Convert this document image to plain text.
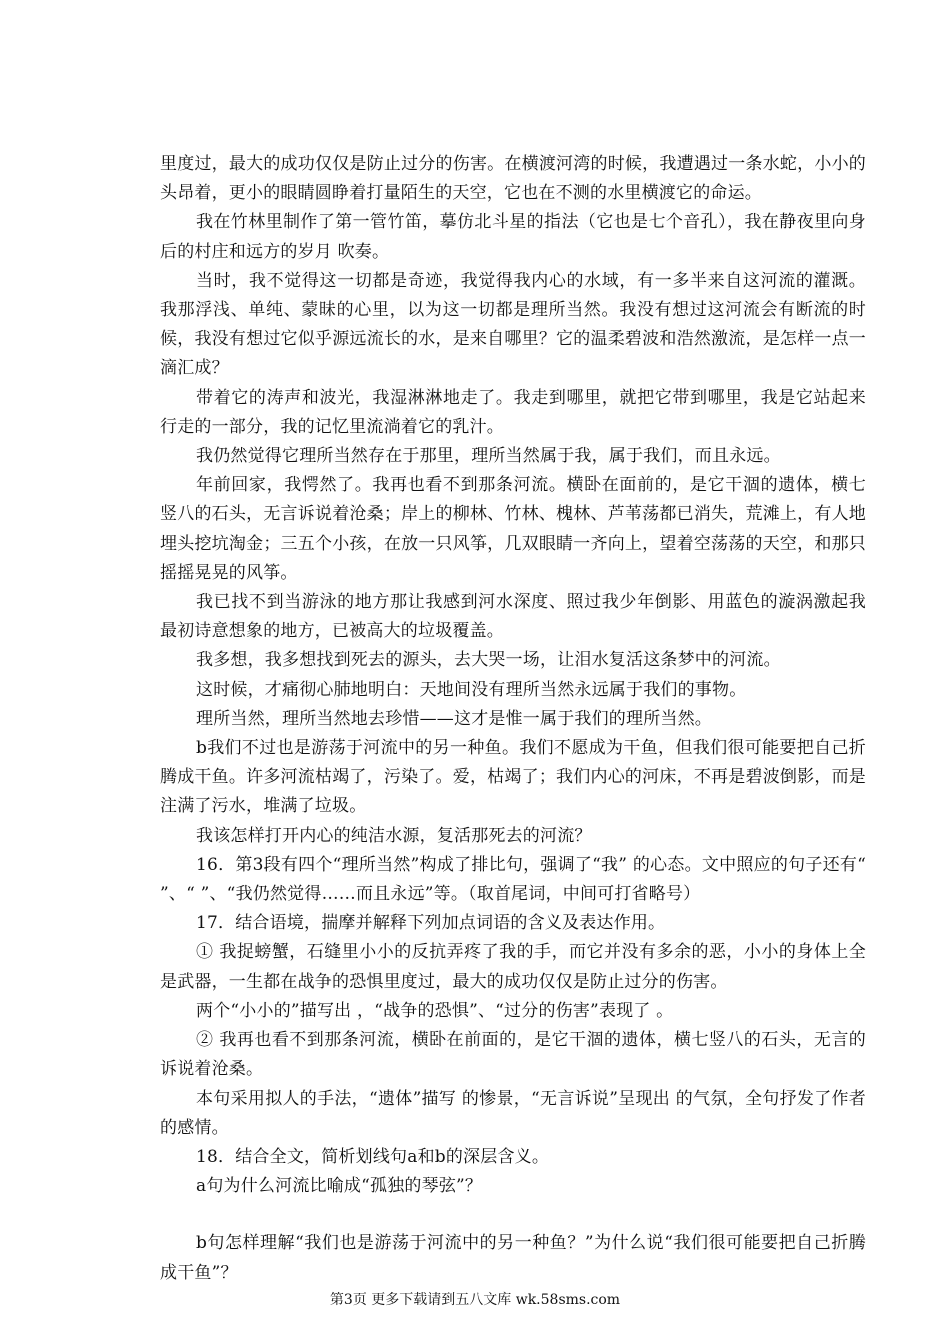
里度过，最大的成功仅仅是防止过分的伤害。在横渡河湾的时候，我遭遇过一条水蛇，小小的头昂着，更小的眼睛圆睁着打量陌生的天空，它也在不测的水里横渡它的命运。

我在竹林里制作了第一管竹笛，摹仿北斗星的指法（它也是七个音孔），我在静夜里向身后的村庄和远方的岁月 吹奏。

当时，我不觉得这一切都是奇迹，我觉得我内心的水域，有一多半来自这河流的灌溉。我那浮浅、单纯、蒙昧的心里，以为这一切都是理所当然。我没有想过这河流会有断流的时候，我没有想过它似乎源远流长的水，是来自哪里？它的温柔碧波和浩然激流，是怎样一点一滴汇成？

带着它的涛声和波光，我湿淋淋地走了。我走到哪里，就把它带到哪里，我是它站起来行走的一部分，我的记忆里流淌着它的乳汁。

我仍然觉得它理所当然存在于那里，理所当然属于我，属于我们，而且永远。

年前回家，我愕然了。我再也看不到那条河流。横卧在面前的，是它干涸的遗体，横七竖八的石头，无言诉说着沧桑；岸上的柳林、竹林、槐林、芦苇荡都已消失，荒滩上，有人地埋头挖坑淘金；三五个小孩，在放一只风筝，几双眼睛一齐向上，望着空荡荡的天空，和那只摇摇晃晃的风筝。

我已找不到当游泳的地方那让我感到河水深度、照过我少年倒影、用蓝色的漩涡激起我最初诗意想象的地方，已被高大的垃圾覆盖。

我多想，我多想找到死去的源头，去大哭一场，让泪水复活这条梦中的河流。

这时候，才痛彻心肺地明白：天地间没有理所当然永远属于我们的事物。

理所当然，理所当然地去珍惜——这才是惟一属于我们的理所当然。

b我们不过也是游荡于河流中的另一种鱼。我们不愿成为干鱼，但我们很可能要把自己折腾成干鱼。许多河流枯竭了，污染了。爱，枯竭了；我们内心的河床，不再是碧波倒影，而是注满了污水，堆满了垃圾。

我该怎样打开内心的纯洁水源，复活那死去的河流？

16．第3段有四个“理所当然”构成了排比句，强调了“我” 的心态。文中照应的句子还有“ ”、“ ”、“我仍然觉得……而且永远”等。（取首尾词，中间可打省略号）

17．结合语境，揣摩并解释下列加点词语的含义及表达作用。

① 我捉螃蟹，石缝里小小的反抗弄疼了我的手，而它并没有多余的恶，小小的身体上全是武器，一生都在战争的恐惧里度过，最大的成功仅仅是防止过分的伤害。

两个“小小的”描写出 ，“战争的恐惧”、“过分的伤害”表现了 。

② 我再也看不到那条河流，横卧在前面的，是它干涸的遗体，横七竖八的石头，无言的诉说着沧桑。

本句采用拟人的手法，“遗体”描写 的惨景，“无言诉说”呈现出 的气氛，全句抒发了作者 的感情。

18．结合全文，简析划线句a和b的深层含义。

a句为什么河流比喻成“孤独的琴弦”？

b句怎样理解“我们也是游荡于河流中的另一种鱼？”为什么说“我们很可能要把自己折腾成干鱼”？

第3页 更多下载请到五八文库 wk.58sms.com
